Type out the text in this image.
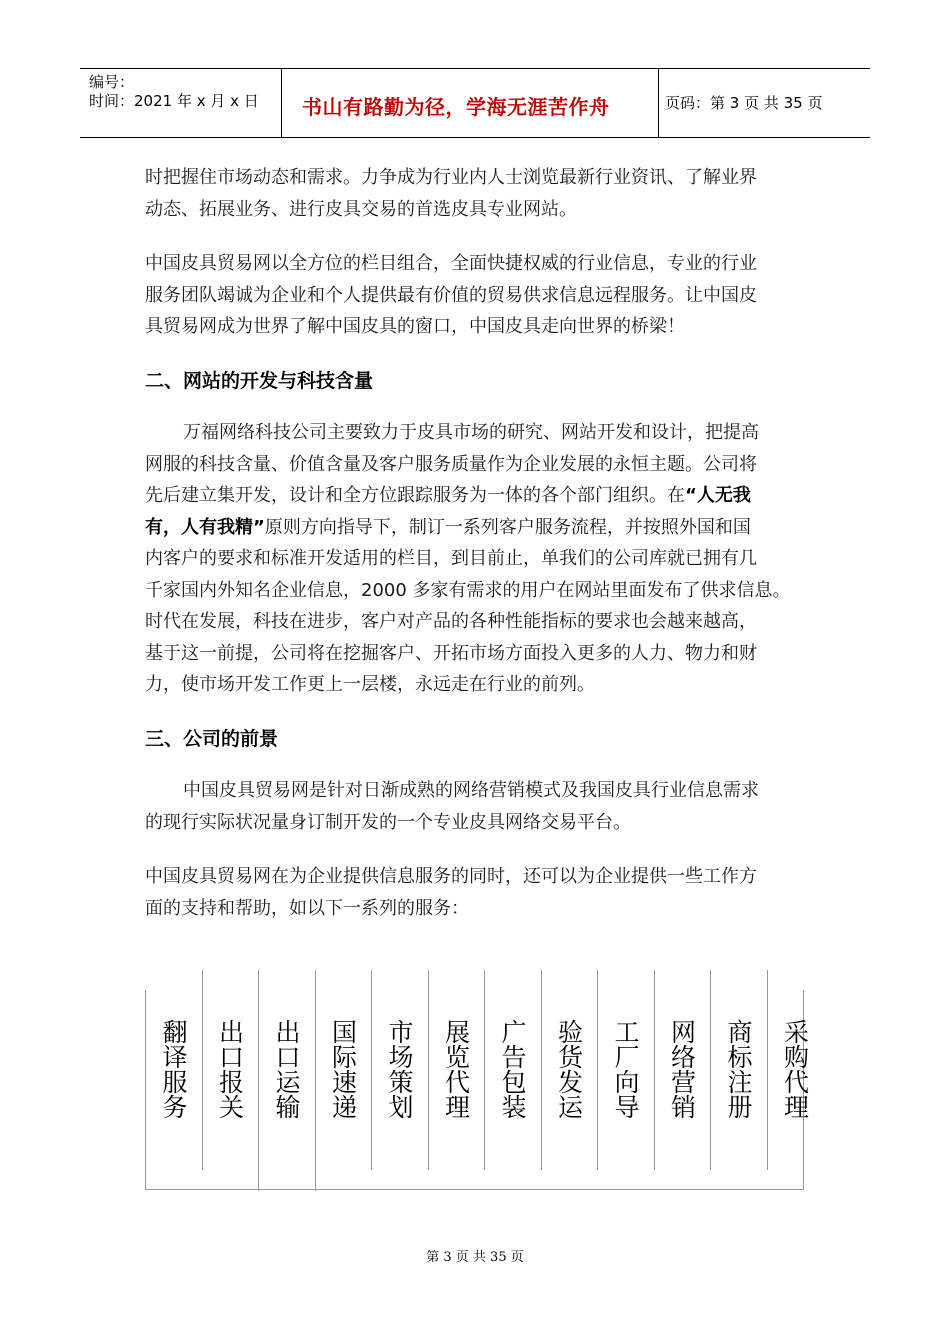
编号：
时间：2021 年 x 月 x 日 书山有路勤为径，学海无涯苦作舟	页码：第 3 页 共 35 页
时把握住市场动态和需求。力争成为行业内人士浏览最新行业资讯、了解业界
动态、拓展业务、进行皮具交易的首选皮具专业网站。
中国皮具贸易网以全方位的栏目组合，全面快捷权威的行业信息，专业的行业
服务团队竭诚为企业和个人提供最有价值的贸易供求信息远程服务。让中国皮
具贸易网成为世界了解中国皮具的窗口，中国皮具走向世界的桥梁！
二、网站的开发与科技含量
万福网络科技公司主要致力于皮具市场的研究、网站开发和设计，把提高
网服的科技含量、价值含量及客户服务质量作为企业发展的永恒主题。公司将
先后建立集开发，设计和全方位跟踪服务为一体的各个部门组织。在“人无我
有，人有我精”原则方向指导下，制订一系列客户服务流程，并按照外国和国
内客户的要求和标准开发适用的栏目，到目前止，单我们的公司库就已拥有几
千家国内外知名企业信息，2000 多家有需求的用户在网站里面发布了供求信息。
时代在发展，科技在进步，客户对产品的各种性能指标的要求也会越来越高，
基于这一前提，公司将在挖掘客户、开拓市场方面投入更多的人力、物力和财
力，使市场开发工作更上一层楼，永远走在行业的前列。
三、公司的前景
中国皮具贸易网是针对日渐成熟的网络营销模式及我国皮具行业信息需求
的现行实际状况量身订制开发的一个专业皮具网络交易平台。
中国皮具贸易网在为企业提供信息服务的同时，还可以为企业提供一些工作方
面的支持和帮助，如以下一系列的服务：
翻译服务	出口报关	出口运输	国际速递	市场策划	展览代理	广告包装	验货发运	工厂向导	网络营销	商标注册	采购代理
第 3 页 共 35 页
